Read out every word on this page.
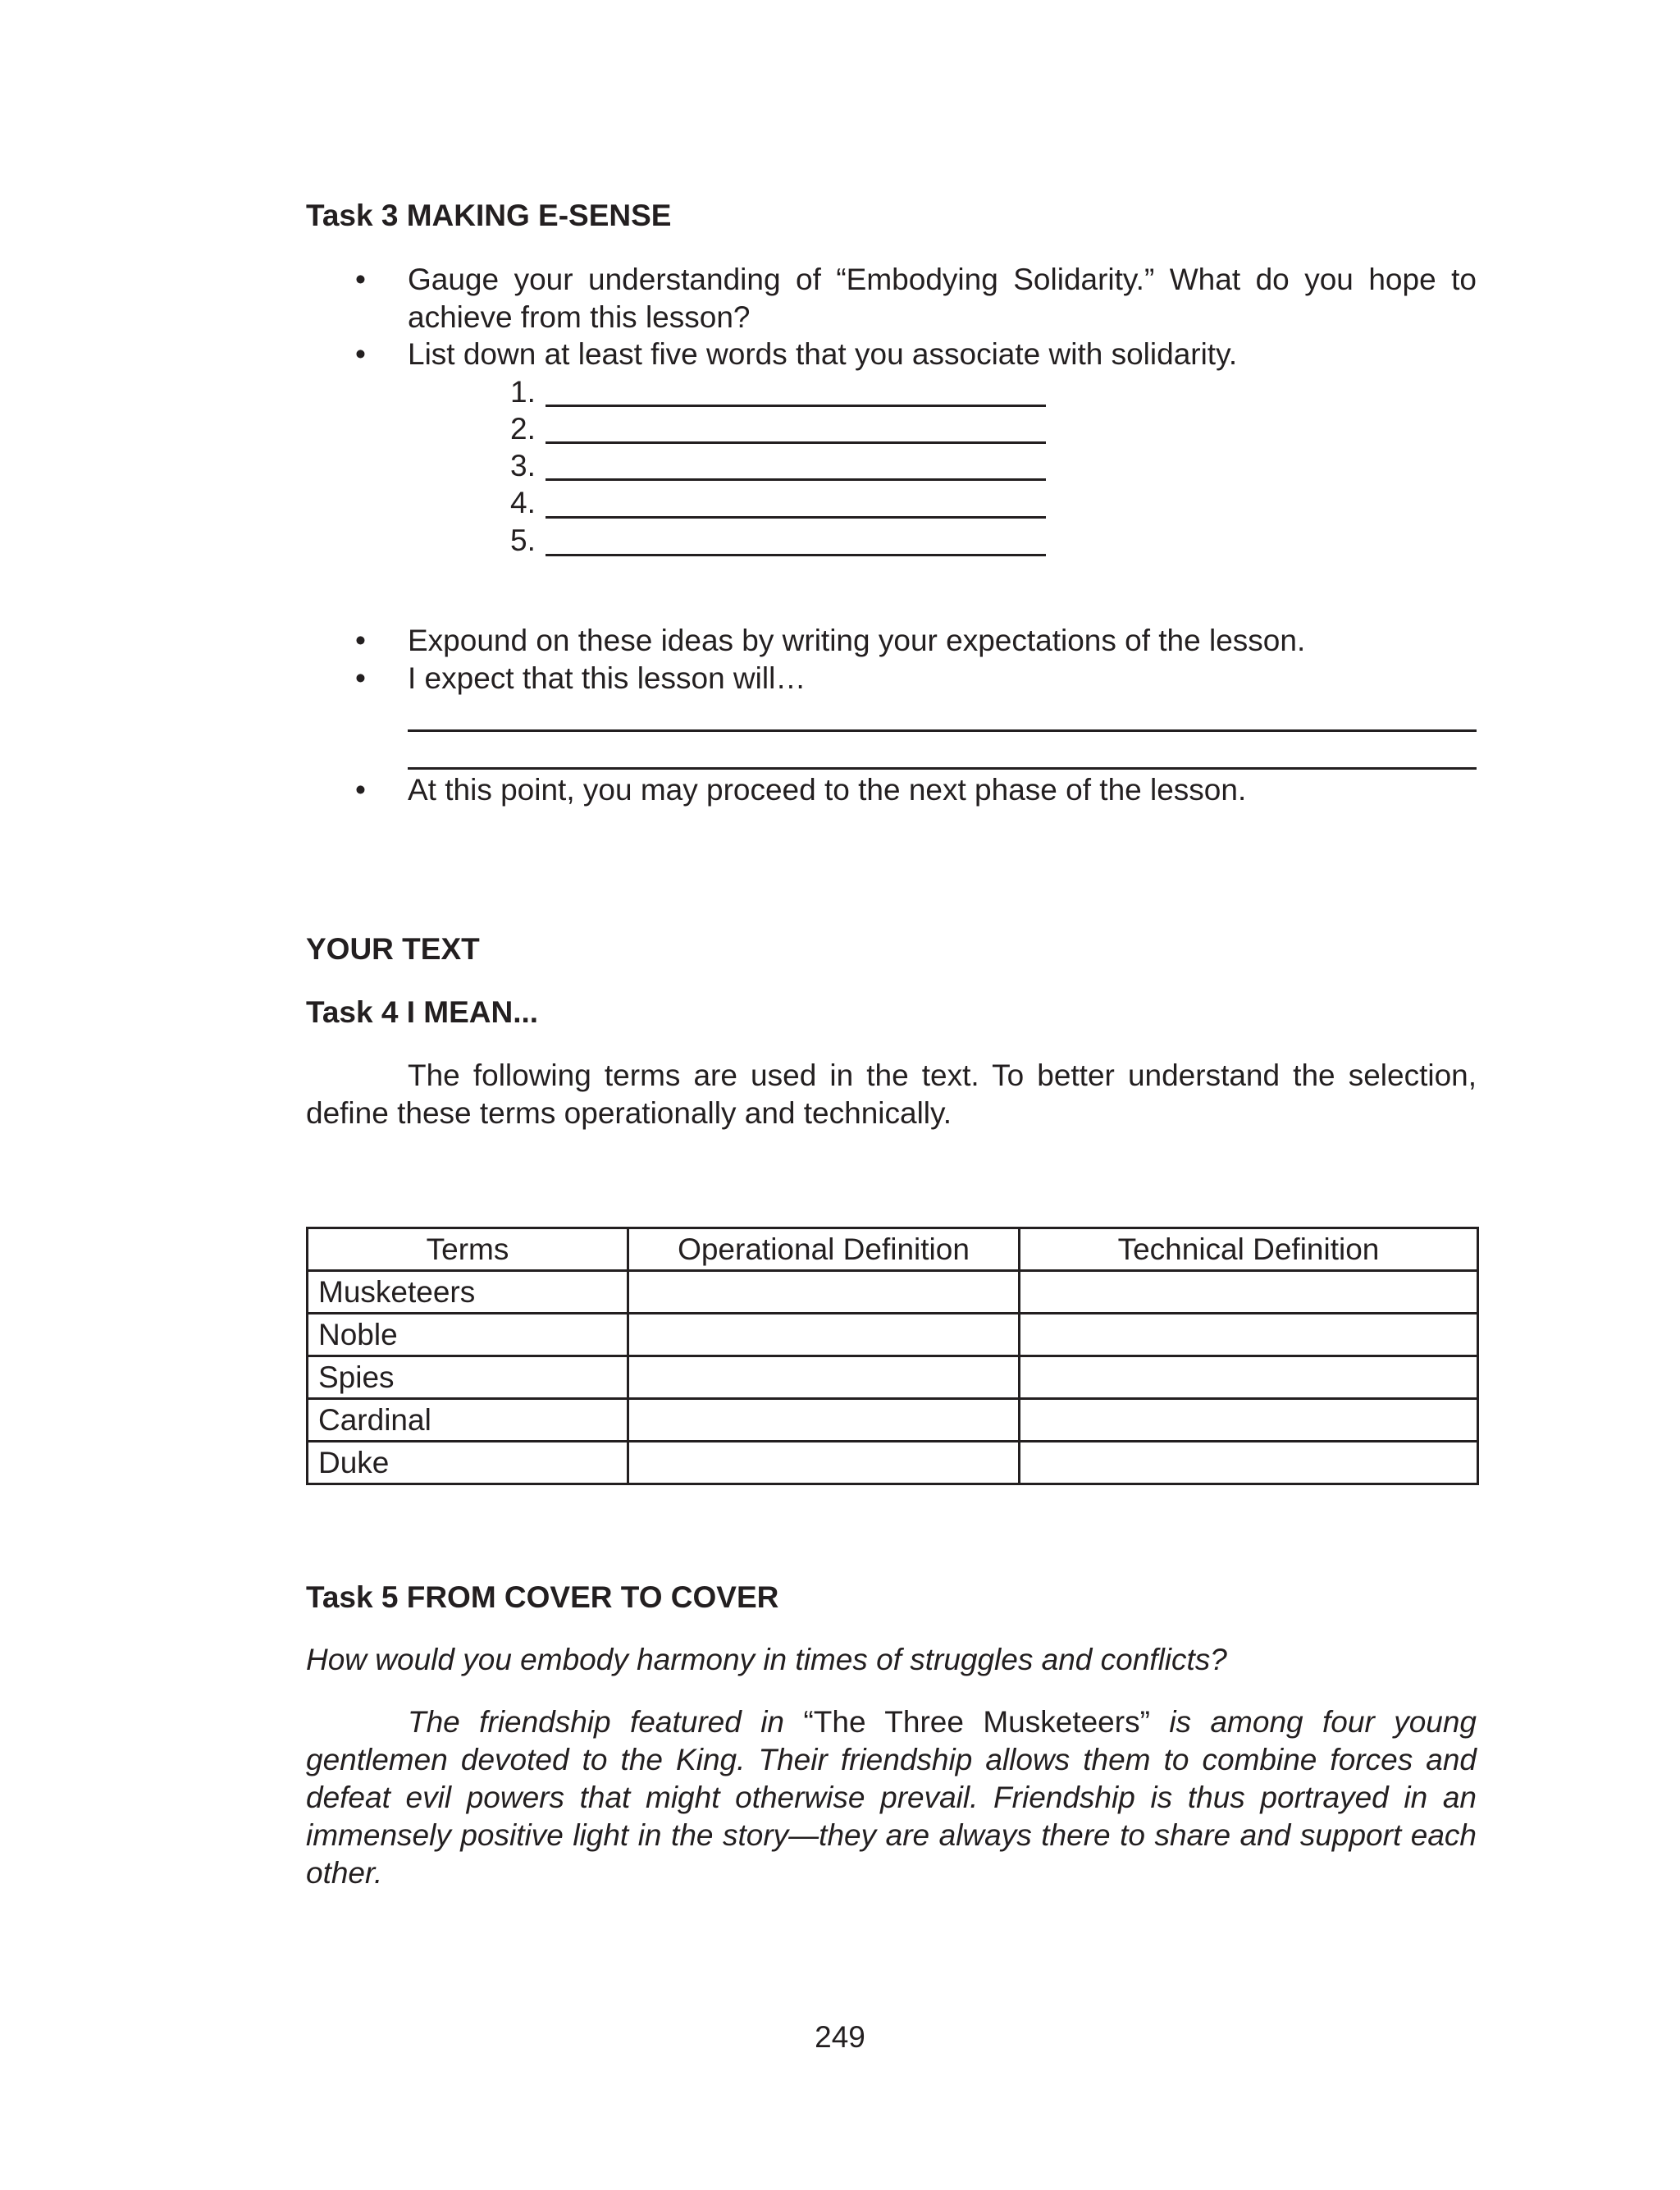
Task 3 MAKING E-SENSE
•	Gauge your understanding of “Embodying Solidarity.” What do you hope to achieve from this lesson?
•	List down at least five words that you associate with solidarity.
1.
2.
3.
4.
5.
•	Expound on these ideas by writing your expectations of the lesson.
•	I expect that this lesson will…
•	At this point, you may proceed to the next phase of the lesson.
YOUR TEXT
Task 4 I MEAN...

The following terms are used in the text. To better understand the selection, define these terms operationally and technically.

Terms	Operational Definition	Technical Definition
Musketeers		
Noble		
Spies		
Cardinal		
Duke		
Task 5 FROM COVER TO COVER
How would you embody harmony in times of struggles and conflicts?

The friendship featured in “The Three Musketeers” is among four young gentlemen devoted to the King. Their friendship allows them to combine forces and defeat evil powers that might otherwise prevail. Friendship is thus portrayed in an immensely positive light in the story—they are always there to share and support each other.

249
